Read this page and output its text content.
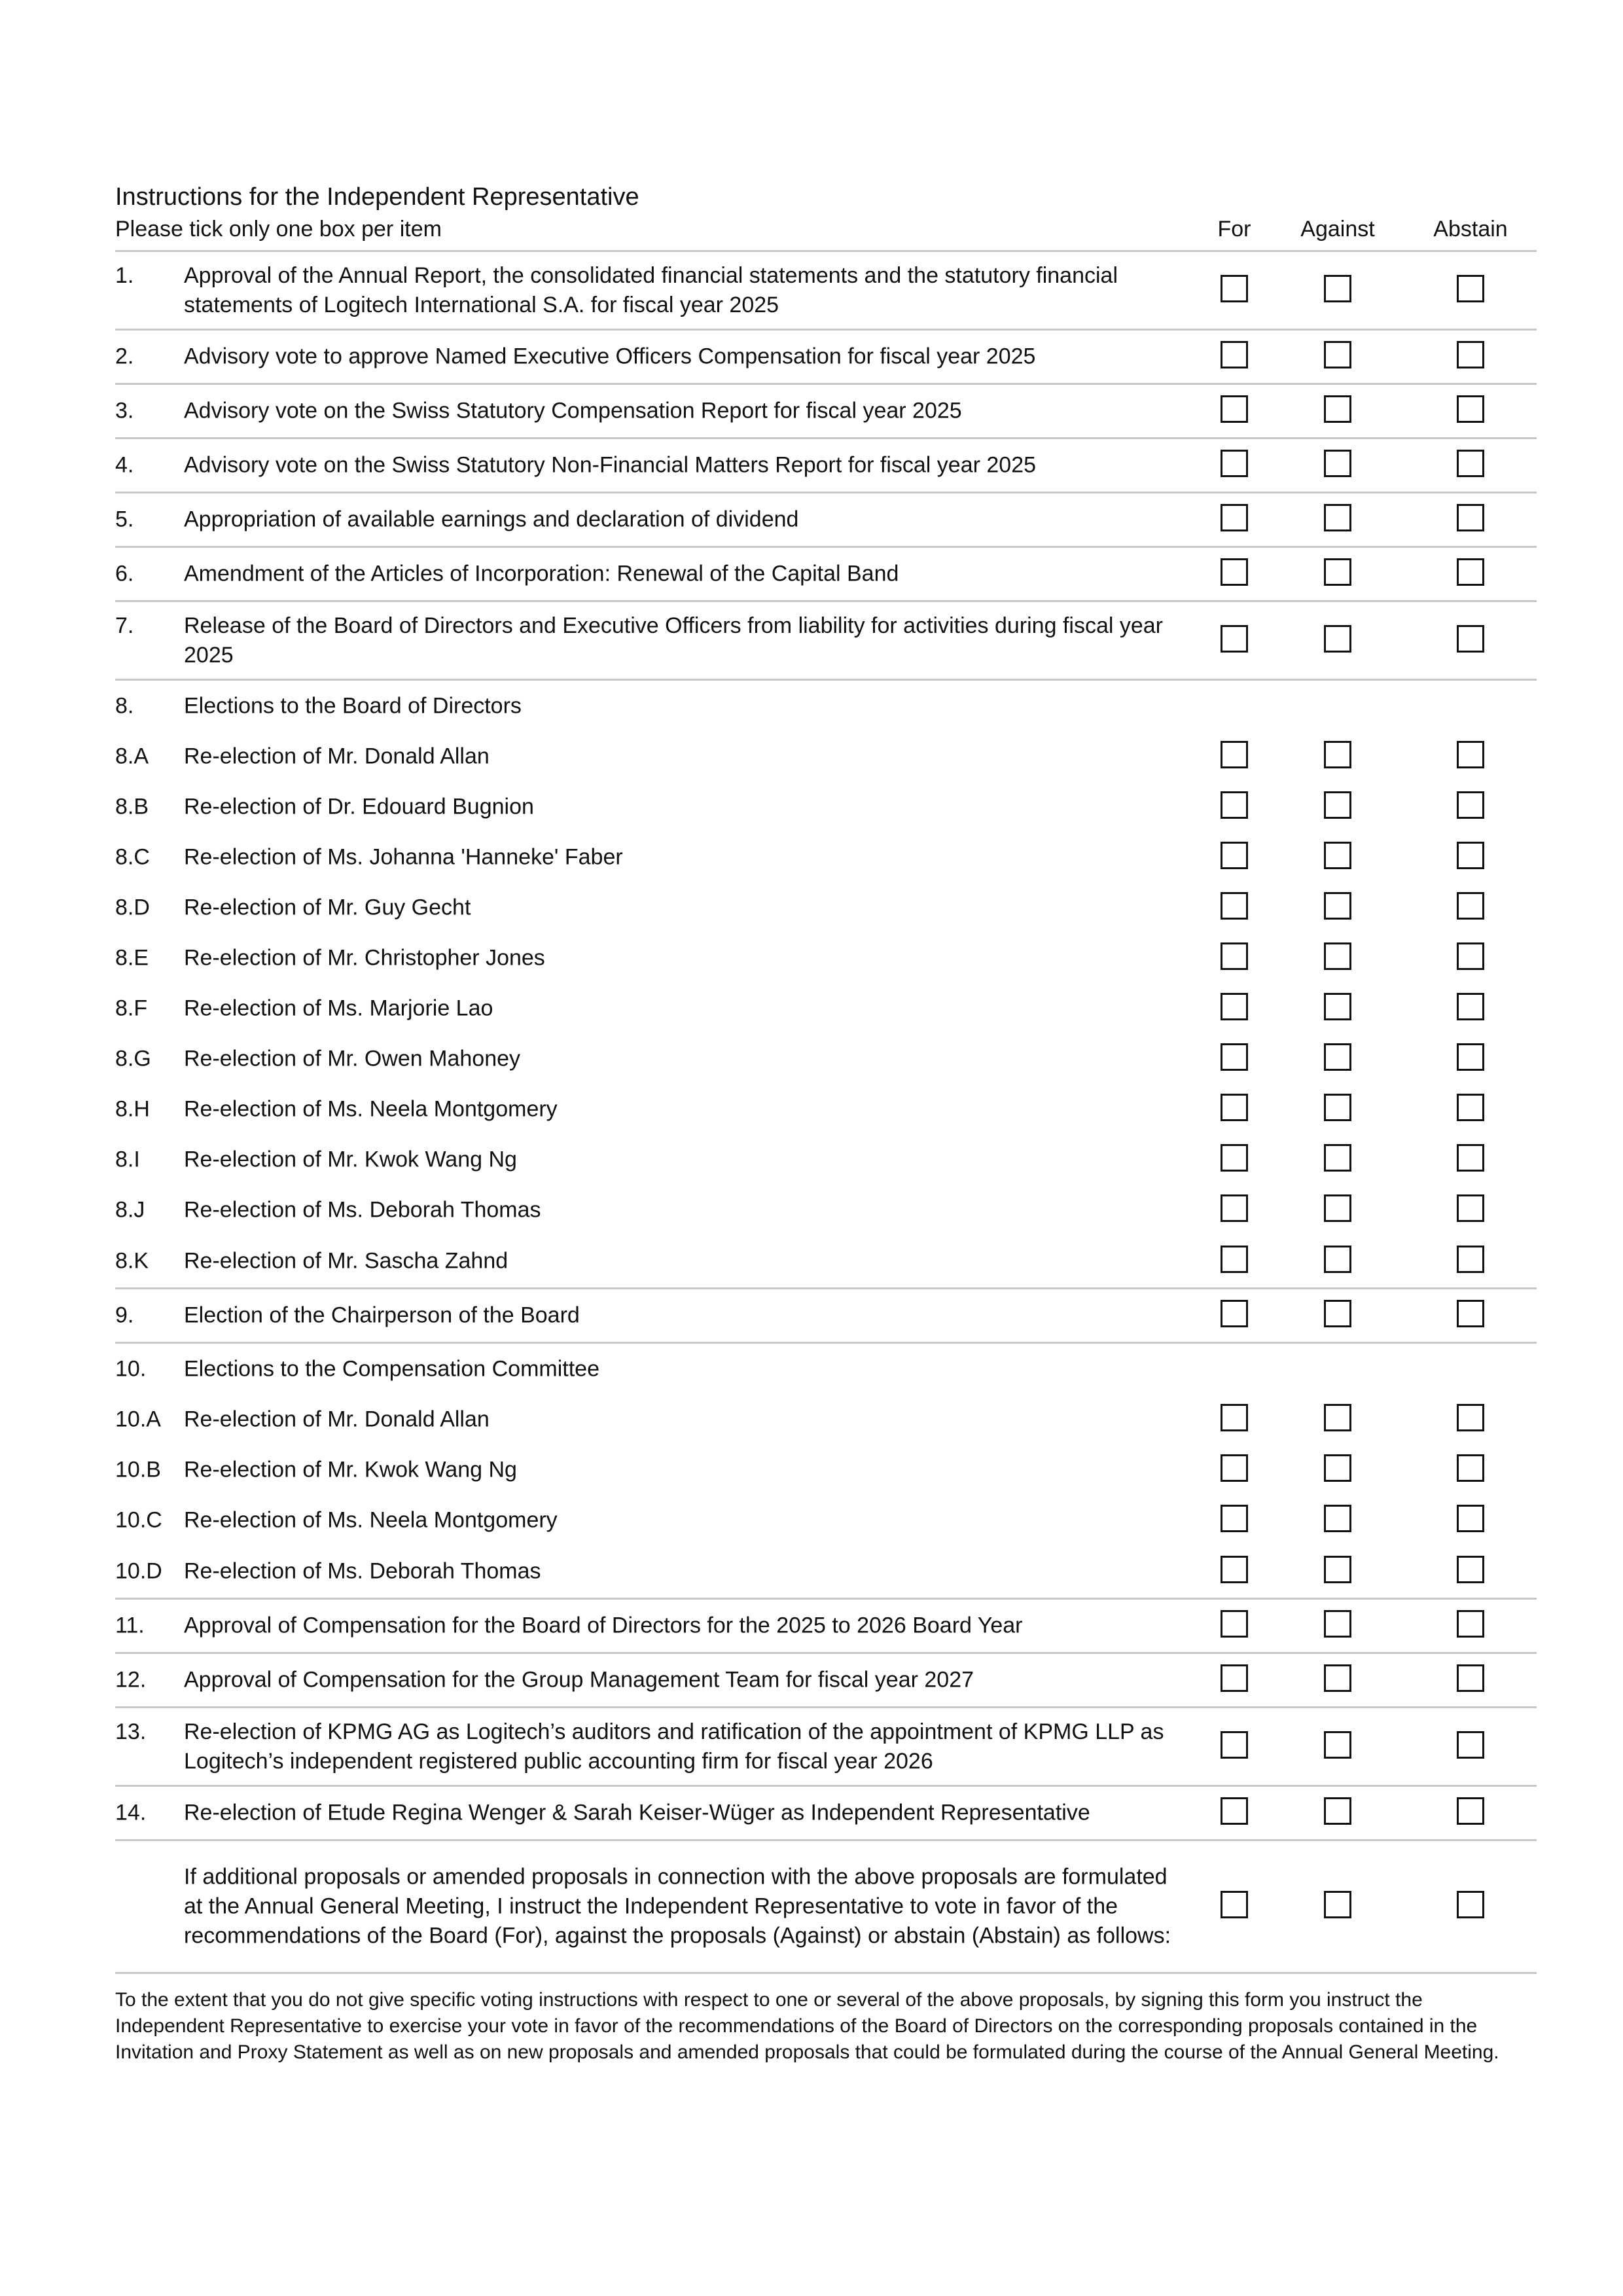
Instructions for the Independent Representative
Please tick only one box per item	For Against	Abstain
1. Approval of the Annual Report, the consolidated financial statements and the statutory financial statements of Logitech International S.A. for fiscal year 2025
2. Advisory vote to approve Named Executive Officers Compensation for fiscal year 2025
3. Advisory vote on the Swiss Statutory Compensation Report for fiscal year 2025
4. Advisory vote on the Swiss Statutory Non-Financial Matters Report for fiscal year 2025
5. Appropriation of available earnings and declaration of dividend
6. Amendment of the Articles of Incorporation: Renewal of the Capital Band
7. Release of the Board of Directors and Executive Officers from liability for activities during fiscal year 2025
8. Elections to the Board of Directors
8.A Re-election of Mr. Donald Allan
8.B Re-election of Dr. Edouard Bugnion
8.C Re-election of Ms. Johanna 'Hanneke' Faber
8.D Re-election of Mr. Guy Gecht
8.E Re-election of Mr. Christopher Jones
8.F Re-election of Ms. Marjorie Lao
8.G Re-election of Mr. Owen Mahoney
8.H Re-election of Ms. Neela Montgomery
8.I Re-election of Mr. Kwok Wang Ng
8.J Re-election of Ms. Deborah Thomas
8.K Re-election of Mr. Sascha Zahnd
9. Election of the Chairperson of the Board
10. Elections to the Compensation Committee
10.A Re-election of Mr. Donald Allan
10.B Re-election of Mr. Kwok Wang Ng
10.C Re-election of Ms. Neela Montgomery
10.D Re-election of Ms. Deborah Thomas
11. Approval of Compensation for the Board of Directors for the 2025 to 2026 Board Year
12. Approval of Compensation for the Group Management Team for fiscal year 2027
13. Re-election of KPMG AG as Logitech’s auditors and ratification of the appointment of KPMG LLP as Logitech’s independent registered public accounting firm for fiscal year 2026
14. Re-election of Etude Regina Wenger & Sarah Keiser-Wüger as Independent Representative
If additional proposals or amended proposals in connection with the above proposals are formulated at the Annual General Meeting, I instruct the Independent Representative to vote in favor of the recommendations of the Board (For), against the proposals (Against) or abstain (Abstain) as follows:
To the extent that you do not give specific voting instructions with respect to one or several of the above proposals, by signing this form you instruct the Independent Representative to exercise your vote in favor of the recommendations of the Board of Directors on the corresponding proposals contained in the Invitation and Proxy Statement as well as on new proposals and amended proposals that could be formulated during the course of the Annual General Meeting.
